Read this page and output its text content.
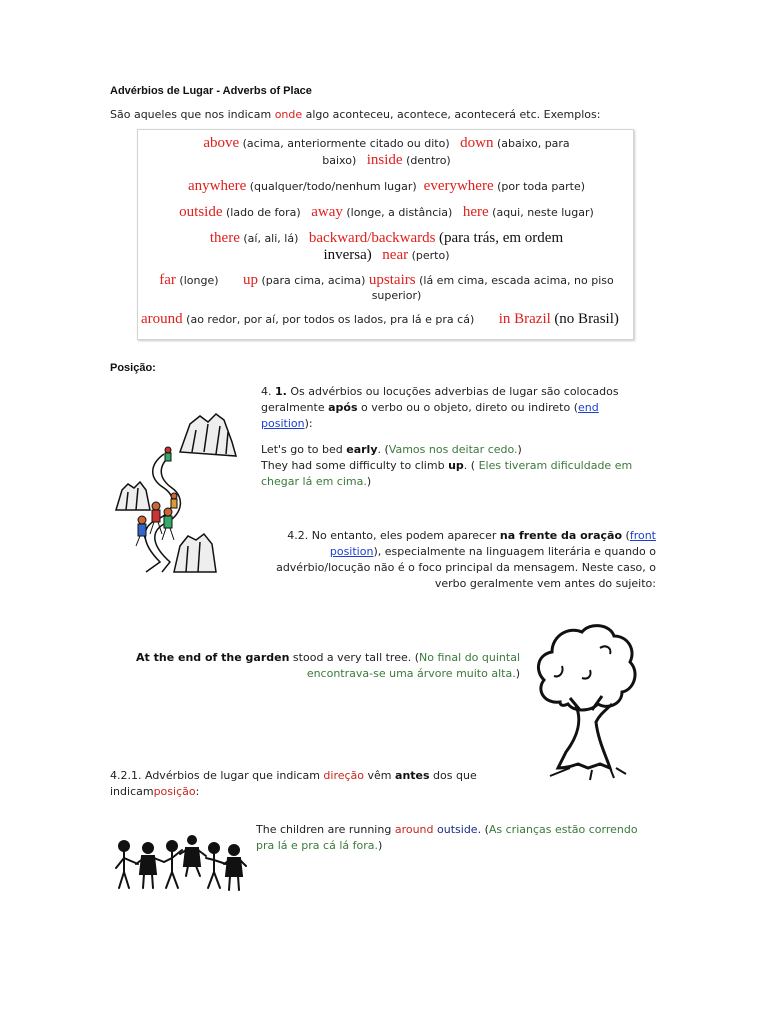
Advérbios de Lugar - Adverbs of Place
São aqueles que nos indicam onde algo aconteceu, acontece, acontecerá etc. Exemplos:
above (acima, anteriormente citado ou dito) down (abaixo, para
baixo) inside (dentro)
anywhere (qualquer/todo/nenhum lugar) everywhere (por toda parte)
outside (lado de fora) away (longe, a distância) here (aqui, neste lugar)
there (aí, ali, lá) backward/backwards (para trás, em ordem
inversa) near (perto)
far (longe) up (para cima, acima) upstairs (lá em cima, escada acima, no piso
superior)
around (ao redor, por aí, por todos os lados, pra lá e pra cá) in Brazil (no Brasil)
Posição:
4. 1. Os advérbios ou locuções adverbias de lugar são colocados
geralmente após o verbo ou o objeto, direto ou indireto (end
position):
Let's go to bed early. (Vamos nos deitar cedo.)
They had some difficulty to climb up. ( Eles tiveram dificuldade em
chegar lá em cima.)
4.2. No entanto, eles podem aparecer na frente da oração (front
position), especialmente na linguagem literária e quando o
advérbio/locução não é o foco principal da mensagem. Neste caso, o
verbo geralmente vem antes do sujeito:
At the end of the garden stood a very tall tree. (No final do quintal
encontrava-se uma árvore muito alta.)
4.2.1. Advérbios de lugar que indicam direção vêm antes dos que
indicamposição:
The children are running around outside. (As crianças estão correndo
pra lá e pra cá lá fora.)
